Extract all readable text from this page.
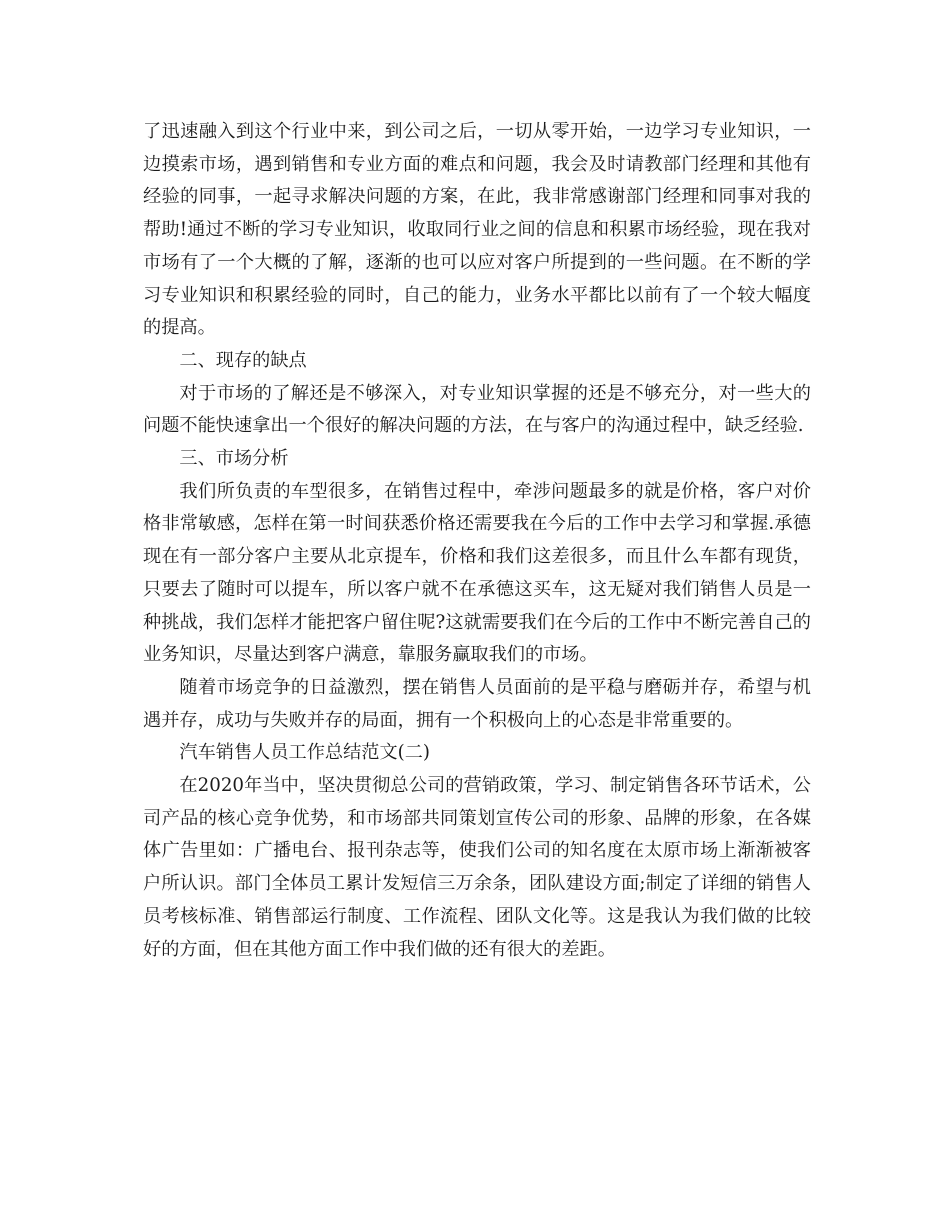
了迅速融入到这个行业中来，到公司之后，一切从零开始，一边学习专业知识，一边摸索市场，遇到销售和专业方面的难点和问题，我会及时请教部门经理和其他有经验的同事，一起寻求解决问题的方案，在此，我非常感谢部门经理和同事对我的帮助!通过不断的学习专业知识，收取同行业之间的信息和积累市场经验，现在我对市场有了一个大概的了解，逐渐的也可以应对客户所提到的一些问题。在不断的学习专业知识和积累经验的同时，自己的能力，业务水平都比以前有了一个较大幅度的提高。

二、现存的缺点

对于市场的了解还是不够深入，对专业知识掌握的还是不够充分，对一些大的问题不能快速拿出一个很好的解决问题的方法，在与客户的沟通过程中，缺乏经验.

三、市场分析

我们所负责的车型很多，在销售过程中，牵涉问题最多的就是价格，客户对价格非常敏感，怎样在第一时间获悉价格还需要我在今后的工作中去学习和掌握.承德现在有一部分客户主要从北京提车，价格和我们这差很多，而且什么车都有现货，只要去了随时可以提车，所以客户就不在承德这买车，这无疑对我们销售人员是一种挑战，我们怎样才能把客户留住呢?这就需要我们在今后的工作中不断完善自己的业务知识，尽量达到客户满意，靠服务赢取我们的市场。

随着市场竞争的日益激烈，摆在销售人员面前的是平稳与磨砺并存，希望与机遇并存，成功与失败并存的局面，拥有一个积极向上的心态是非常重要的。

汽车销售人员工作总结范文(二)

在2020年当中，坚决贯彻总公司的营销政策，学习、制定销售各环节话术，公司产品的核心竞争优势，和市场部共同策划宣传公司的形象、品牌的形象，在各媒体广告里如：广播电台、报刊杂志等，使我们公司的知名度在太原市场上渐渐被客户所认识。部门全体员工累计发短信三万余条，团队建设方面;制定了详细的销售人员考核标准、销售部运行制度、工作流程、团队文化等。这是我认为我们做的比较好的方面，但在其他方面工作中我们做的还有很大的差距。
